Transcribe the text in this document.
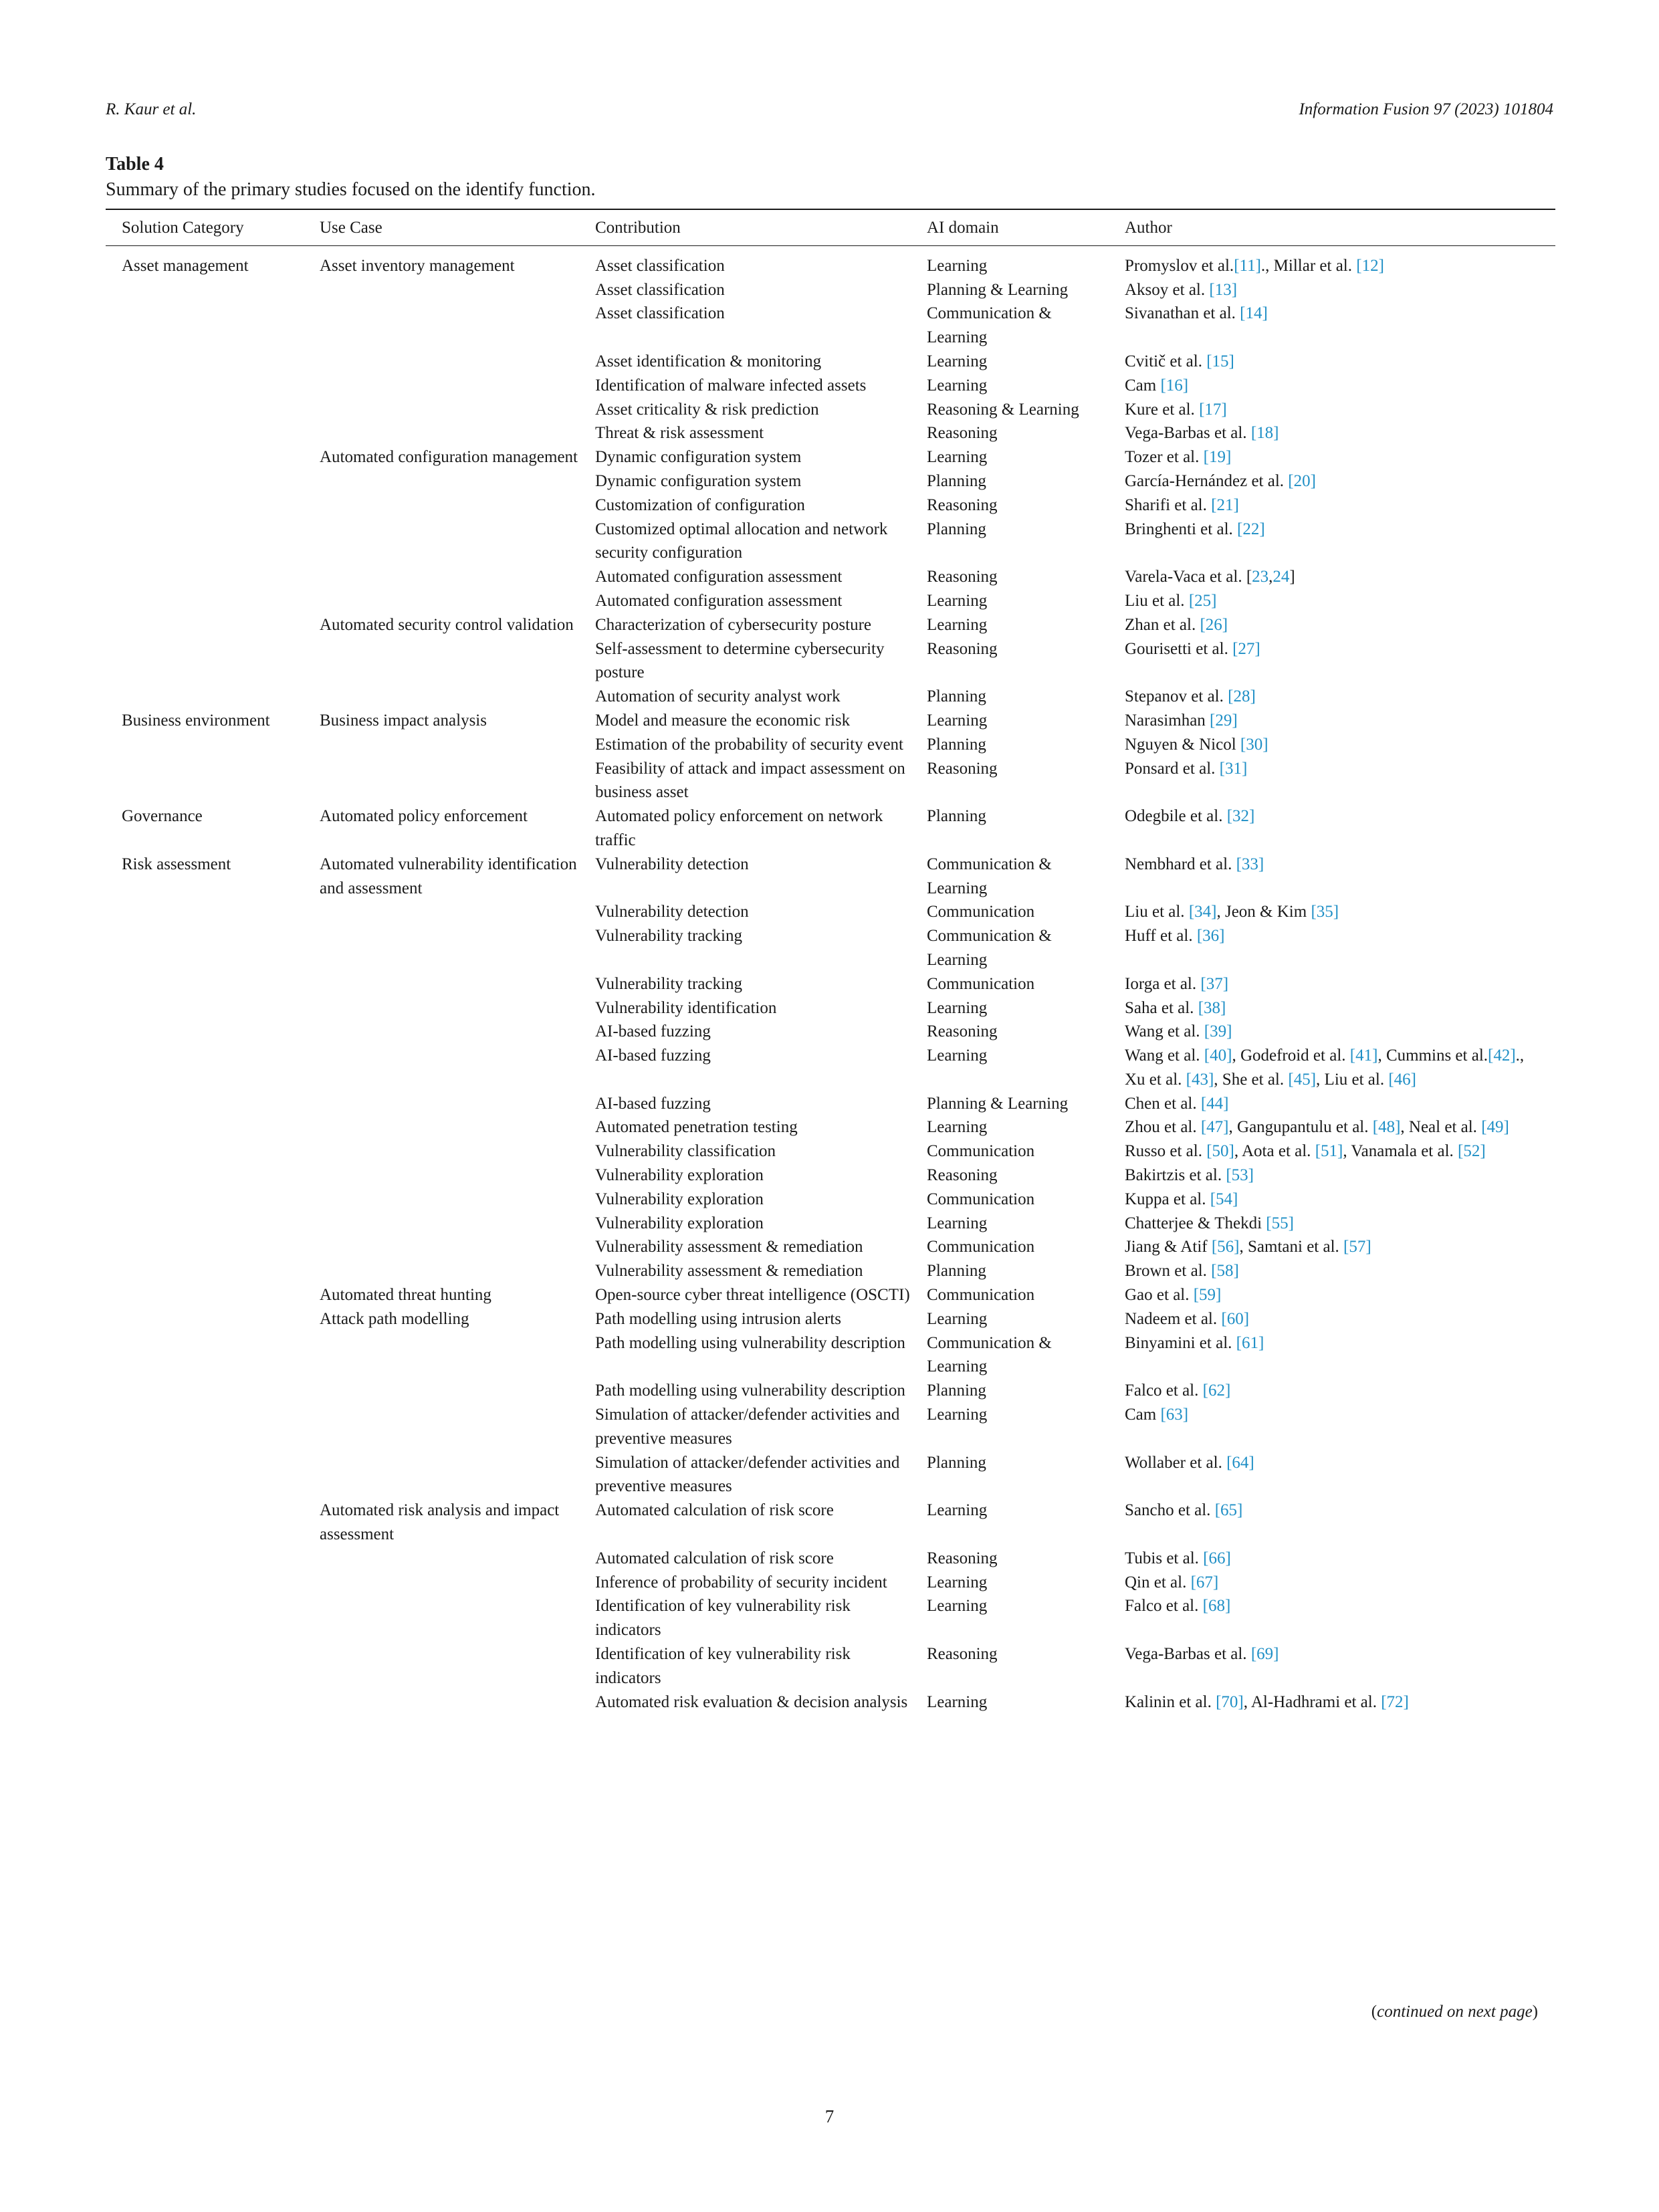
R. Kaur et al.	Information Fusion 97 (2023) 101804
Table 4
Summary of the primary studies focused on the identify function.
Solution Category	Use Case	Contribution	AI domain	Author
Asset management	Asset inventory management	Asset classification	Learning	Promyslov et al.[11]., Millar et al. [12]
		Asset classification	Planning & Learning	Aksoy et al. [13]
		Asset classification	Communication & Learning	Sivanathan et al. [14]
		Asset identification & monitoring	Learning	Cvitič et al. [15]
		Identification of malware infected assets	Learning	Cam [16]
		Asset criticality & risk prediction	Reasoning & Learning	Kure et al. [17]
		Threat & risk assessment	Reasoning	Vega-Barbas et al. [18]
	Automated configuration management	Dynamic configuration system	Learning	Tozer et al. [19]
		Dynamic configuration system	Planning	García-Hernández et al. [20]
		Customization of configuration	Reasoning	Sharifi et al. [21]
		Customized optimal allocation and network security configuration	Planning	Bringhenti et al. [22]
		Automated configuration assessment	Reasoning	Varela-Vaca et al. [23,24]
		Automated configuration assessment	Learning	Liu et al. [25]
	Automated security control validation	Characterization of cybersecurity posture	Learning	Zhan et al. [26]
		Self-assessment to determine cybersecurity posture	Reasoning	Gourisetti et al. [27]
		Automation of security analyst work	Planning	Stepanov et al. [28]
Business environment	Business impact analysis	Model and measure the economic risk	Learning	Narasimhan [29]
		Estimation of the probability of security event	Planning	Nguyen & Nicol [30]
		Feasibility of attack and impact assessment on business asset	Reasoning	Ponsard et al. [31]
Governance	Automated policy enforcement	Automated policy enforcement on network traffic	Planning	Odegbile et al. [32]
Risk assessment	Automated vulnerability identification and assessment	Vulnerability detection	Communication & Learning	Nembhard et al. [33]
		Vulnerability detection	Communication	Liu et al. [34], Jeon & Kim [35]
		Vulnerability tracking	Communication & Learning	Huff et al. [36]
		Vulnerability tracking	Communication	Iorga et al. [37]
		Vulnerability identification	Learning	Saha et al. [38]
		AI-based fuzzing	Reasoning	Wang et al. [39]
		AI-based fuzzing	Learning	Wang et al. [40], Godefroid et al. [41], Cummins et al.[42]., Xu et al. [43], She et al. [45], Liu et al. [46]
		AI-based fuzzing	Planning & Learning	Chen et al. [44]
		Automated penetration testing	Learning	Zhou et al. [47], Gangupantulu et al. [48], Neal et al. [49]
		Vulnerability classification	Communication	Russo et al. [50], Aota et al. [51], Vanamala et al. [52]
		Vulnerability exploration	Reasoning	Bakirtzis et al. [53]
		Vulnerability exploration	Communication	Kuppa et al. [54]
		Vulnerability exploration	Learning	Chatterjee & Thekdi [55]
		Vulnerability assessment & remediation	Communication	Jiang & Atif [56], Samtani et al. [57]
		Vulnerability assessment & remediation	Planning	Brown et al. [58]
	Automated threat hunting	Open-source cyber threat intelligence (OSCTI)	Communication	Gao et al. [59]
	Attack path modelling	Path modelling using intrusion alerts	Learning	Nadeem et al. [60]
		Path modelling using vulnerability description	Communication & Learning	Binyamini et al. [61]
		Path modelling using vulnerability description	Planning	Falco et al. [62]
		Simulation of attacker/defender activities and preventive measures	Learning	Cam [63]
		Simulation of attacker/defender activities and preventive measures	Planning	Wollaber et al. [64]
	Automated risk analysis and impact assessment	Automated calculation of risk score	Learning	Sancho et al. [65]
		Automated calculation of risk score	Reasoning	Tubis et al. [66]
		Inference of probability of security incident	Learning	Qin et al. [67]
		Identification of key vulnerability risk indicators	Learning	Falco et al. [68]
		Identification of key vulnerability risk indicators	Reasoning	Vega-Barbas et al. [69]
		Automated risk evaluation & decision analysis	Learning	Kalinin et al. [70], Al-Hadhrami et al. [72]
(continued on next page)
7
